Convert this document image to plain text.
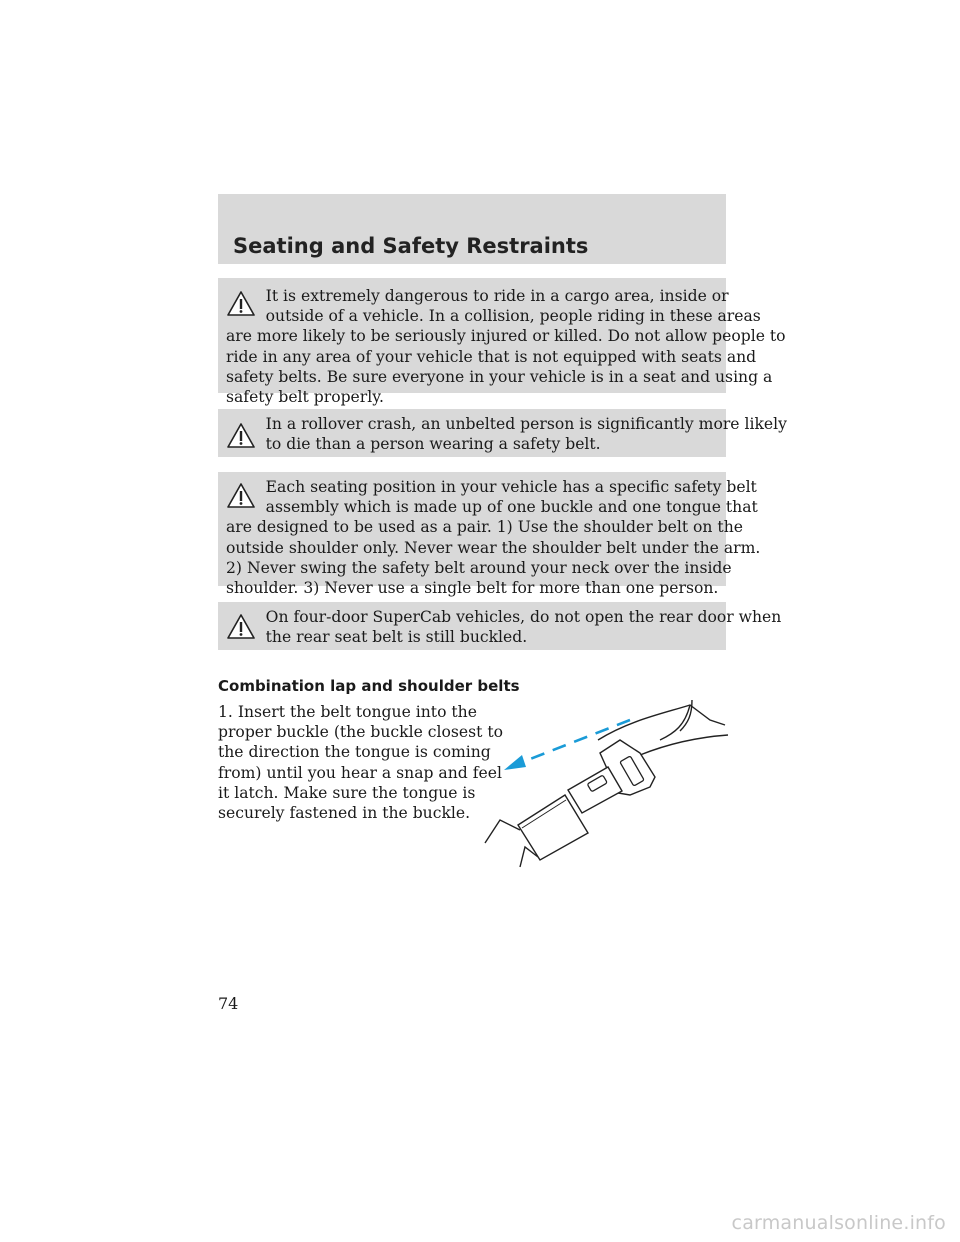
Seating and Safety Restraints

It is extremely dangerous to ride in a cargo area, inside or
outside of a vehicle. In a collision, people riding in these areas
are more likely to be seriously injured or killed. Do not allow people to
ride in any area of your vehicle that is not equipped with seats and
safety belts. Be sure everyone in your vehicle is in a seat and using a
safety belt properly.

In a rollover crash, an unbelted person is significantly more likely
to die than a person wearing a safety belt.

Each seating position in your vehicle has a specific safety belt
assembly which is made up of one buckle and one tongue that
are designed to be used as a pair. 1) Use the shoulder belt on the
outside shoulder only. Never wear the shoulder belt under the arm.
2) Never swing the safety belt around your neck over the inside
shoulder. 3) Never use a single belt for more than one person.

On four-door SuperCab vehicles, do not open the rear door when
the rear seat belt is still buckled.

Combination lap and shoulder belts

1. Insert the belt tongue into the
proper buckle (the buckle closest to
the direction the tongue is coming
from) until you hear a snap and feel
it latch. Make sure the tongue is
securely fastened in the buckle.

74
carmanualsonline.info
